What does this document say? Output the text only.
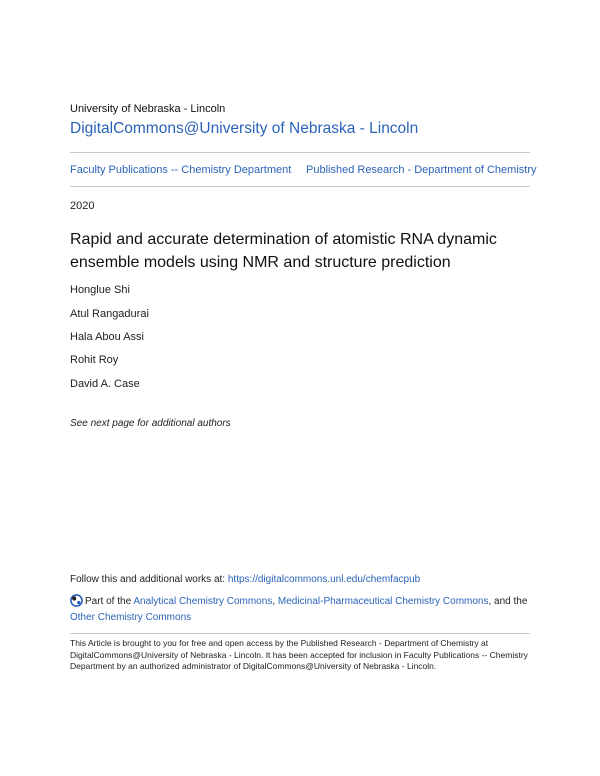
University of Nebraska - Lincoln
DigitalCommons@University of Nebraska - Lincoln
Faculty Publications -- Chemistry Department Published Research - Department of Chemistry
2020
Rapid and accurate determination of atomistic RNA dynamic ensemble models using NMR and structure prediction
Honglue Shi
Atul Rangadurai
Hala Abou Assi
Rohit Roy
David A. Case
See next page for additional authors
Follow this and additional works at: https://digitalcommons.unl.edu/chemfacpub
Part of the Analytical Chemistry Commons, Medicinal-Pharmaceutical Chemistry Commons, and the
Other Chemistry Commons
This Article is brought to you for free and open access by the Published Research - Department of Chemistry at DigitalCommons@University of Nebraska - Lincoln. It has been accepted for inclusion in Faculty Publications -- Chemistry Department by an authorized administrator of DigitalCommons@University of Nebraska - Lincoln.
